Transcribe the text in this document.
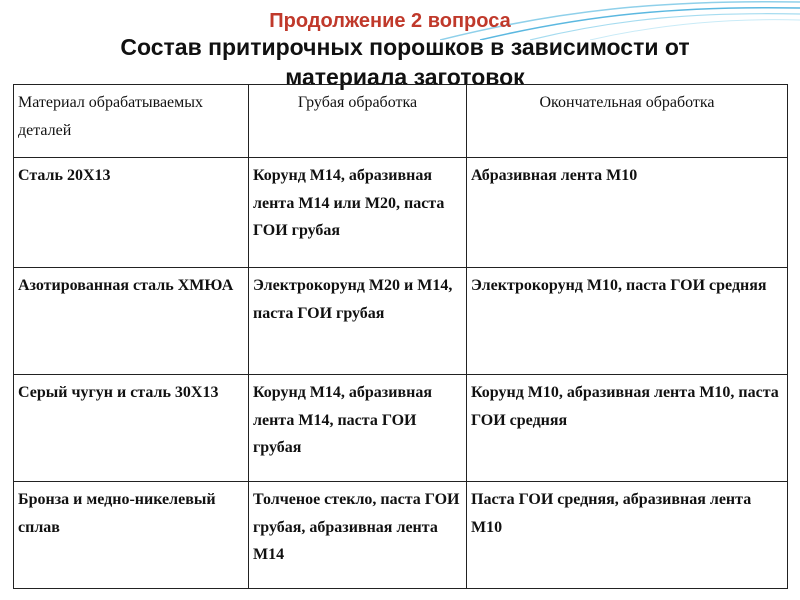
Продолжение 2 вопроса
Состав притирочных порошков в зависимости от
материала заготовок
Материал обрабатываемых деталей	Грубая обработка	Окончательная обработка
Сталь 20Х13	Корунд М14, абразивная лента М14 или М20, паста ГОИ грубая	Абразивная лента М10
Азотированная сталь ХМЮА	Электрокорунд М20 и М14, паста ГОИ грубая	Электрокорунд М10, паста ГОИ средняя
Серый чугун и сталь 30Х13	Корунд М14, абразивная лента М14, паста ГОИ грубая	Корунд М10, абразивная лента М10, паста ГОИ средняя
Бронза и медно-никелевый сплав	Толченое стекло, паста ГОИ грубая, абразивная лента М14	Паста ГОИ средняя, абразивная лента М10
